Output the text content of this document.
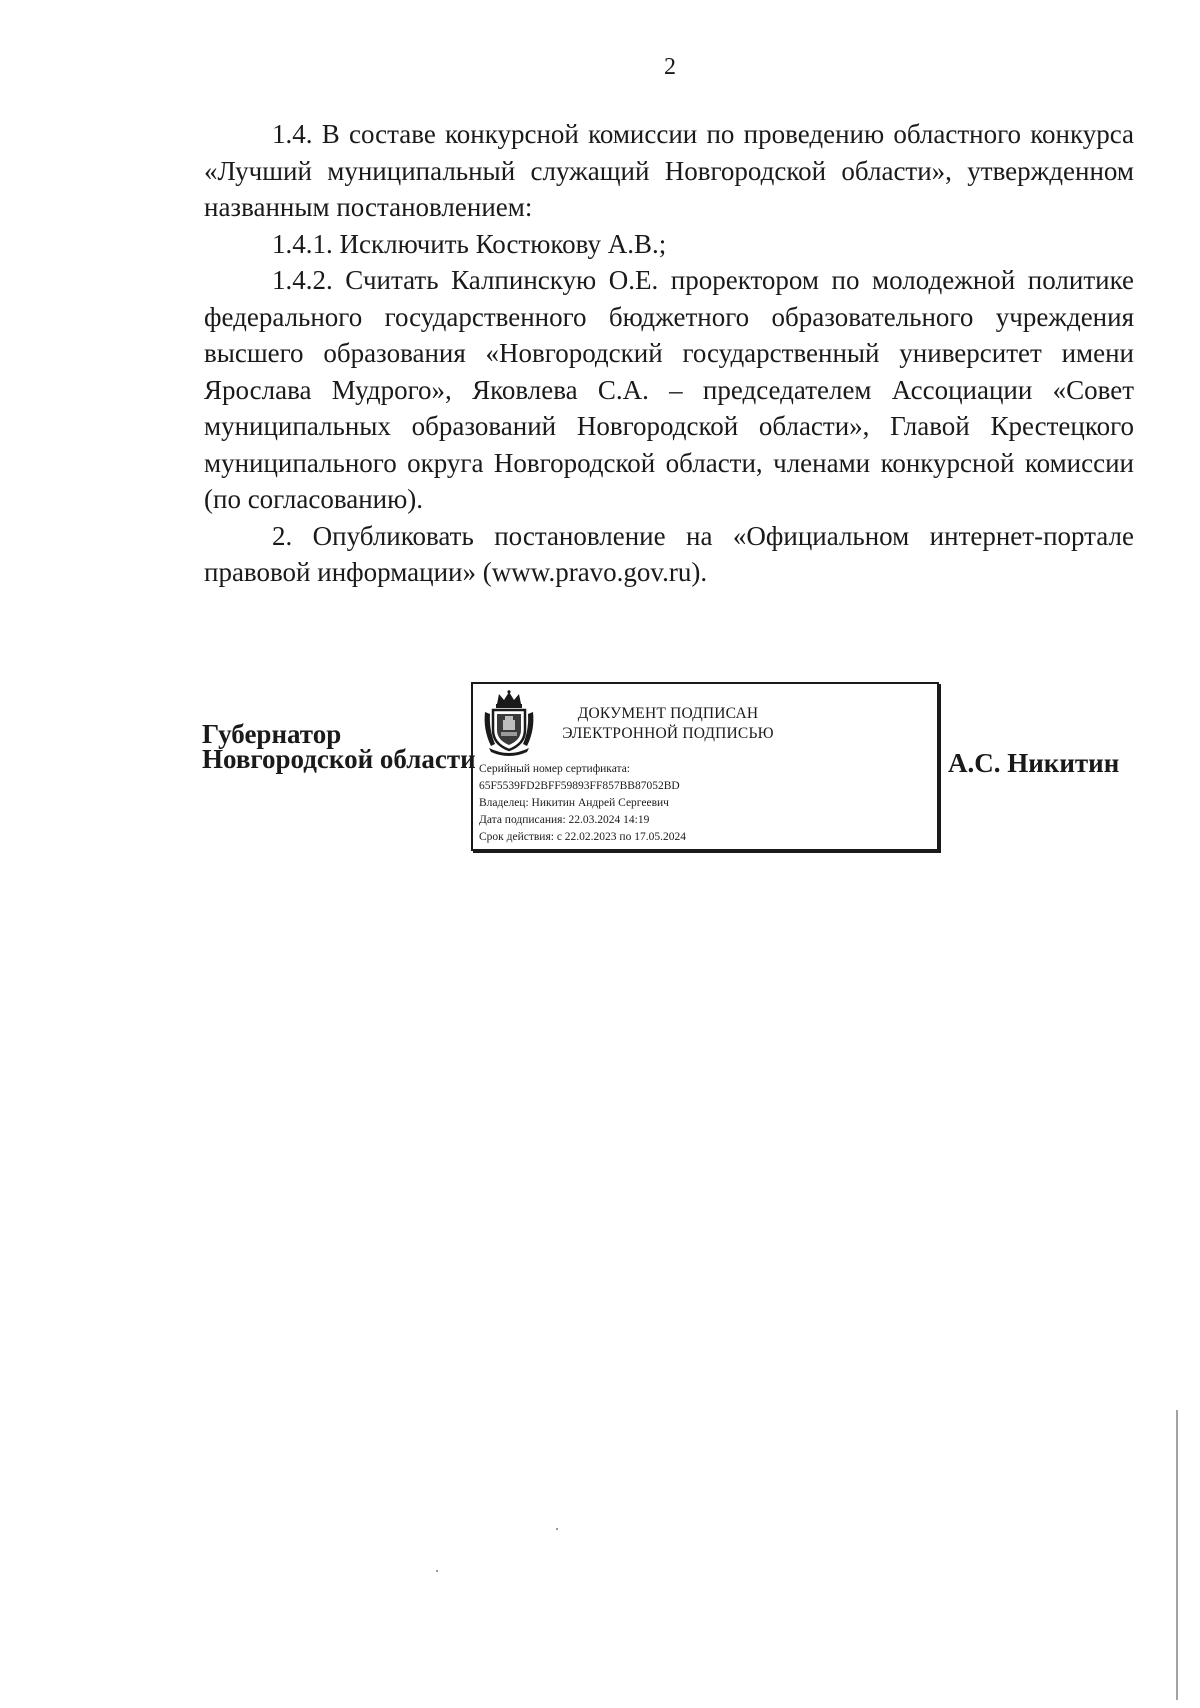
2

1.4. В составе конкурсной комиссии по проведению областного конкурса «Лучший муниципальный служащий Новгородской области», утвержденном названным постановлением:

1.4.1. Исключить Костюкову А.В.;

1.4.2. Считать Калпинскую О.Е. проректором по молодежной политике федерального государственного бюджетного образовательного учреждения высшего образования «Новгородский государственный университет имени Ярослава Мудрого», Яковлева С.А. – председателем Ассоциации «Совет муниципальных образований Новгородской области», Главой Крестецкого муниципального округа Новгородской области, членами конкурсной комиссии (по согласованию).

2. Опубликовать постановление на «Официальном интернет-портале правовой информации» (www.pravo.gov.ru).

Губернатор
Новгородской области
ДОКУМЕНТ ПОДПИСАН
ЭЛЕКТРОННОЙ ПОДПИСЬЮ
Серийный номер сертификата:
65F5539FD2BFF59893FF857BB87052BD
Владелец: Никитин Андрей Сергеевич
Дата подписания: 22.03.2024 14:19
Срок действия: с 22.02.2023 по 17.05.2024
А.С. Никитин
